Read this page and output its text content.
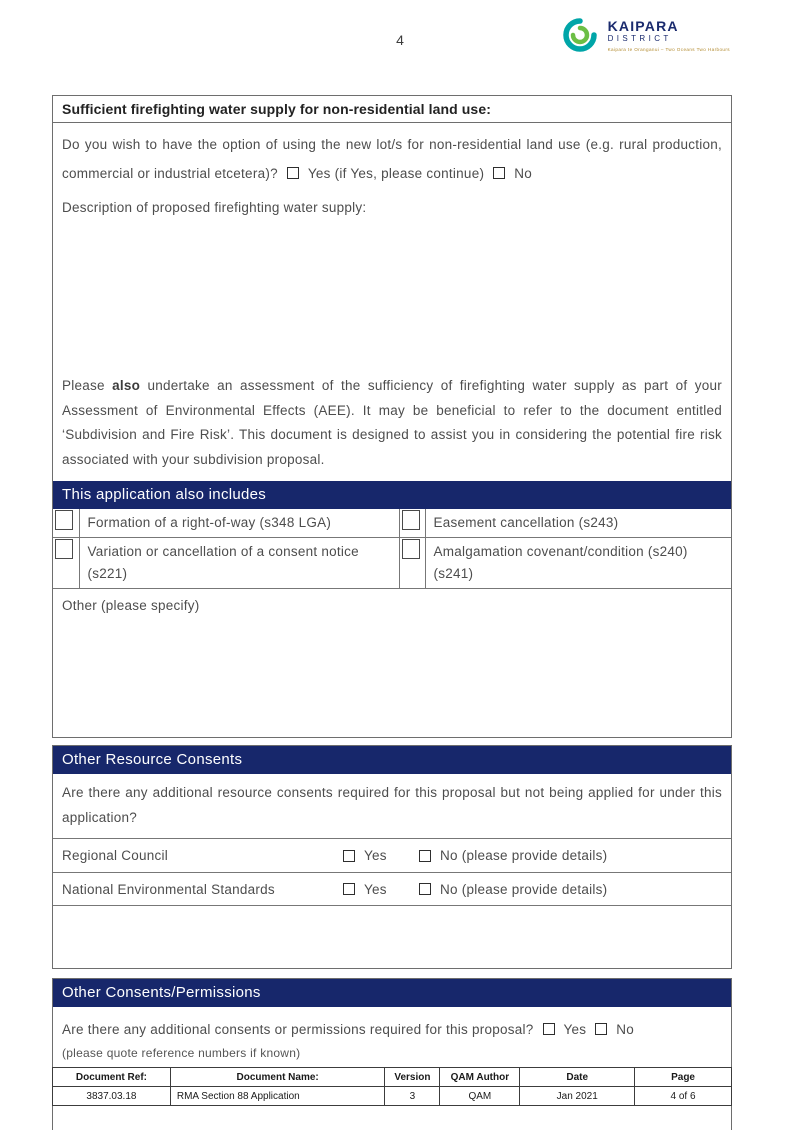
4
KAIPARA
DISTRICT
Kaipara te Oranganui – Two Oceans Two Harbours
Sufficient firefighting water supply for non-residential land use:

Do you wish to have the option of using the new lot/s for non-residential land use (e.g. rural production, commercial or industrial etcetera)? Yes (if Yes, please continue) No

Description of proposed firefighting water supply:

Please also undertake an assessment of the sufficiency of firefighting water supply as part of your Assessment of Environmental Effects (AEE). It may be beneficial to refer to the document entitled ‘Subdivision and Fire Risk’. This document is designed to assist you in considering the potential fire risk associated with your subdivision proposal.

This application also includes
	Formation of a right-of-way (s348 LGA)		Easement cancellation (s243)

	Variation or cancellation of a consent notice (s221)		Amalgamation covenant/condition (s240)(s241)
Other (please specify)
Other Resource Consents

Are there any additional resource consents required for this proposal but not being applied for under this application?

Regional Council	Yes	No (please provide details)
National Environmental Standards	Yes	No (please provide details)
Other Consents/Permissions

Are there any additional consents or permissions required for this proposal? Yes No

(please quote reference numbers if known)

Document Ref:	Document Name:	Version	QAM Author	Date	Page
3837.03.18	RMA Section 88 Application	3	QAM	Jan 2021	4 of 6
